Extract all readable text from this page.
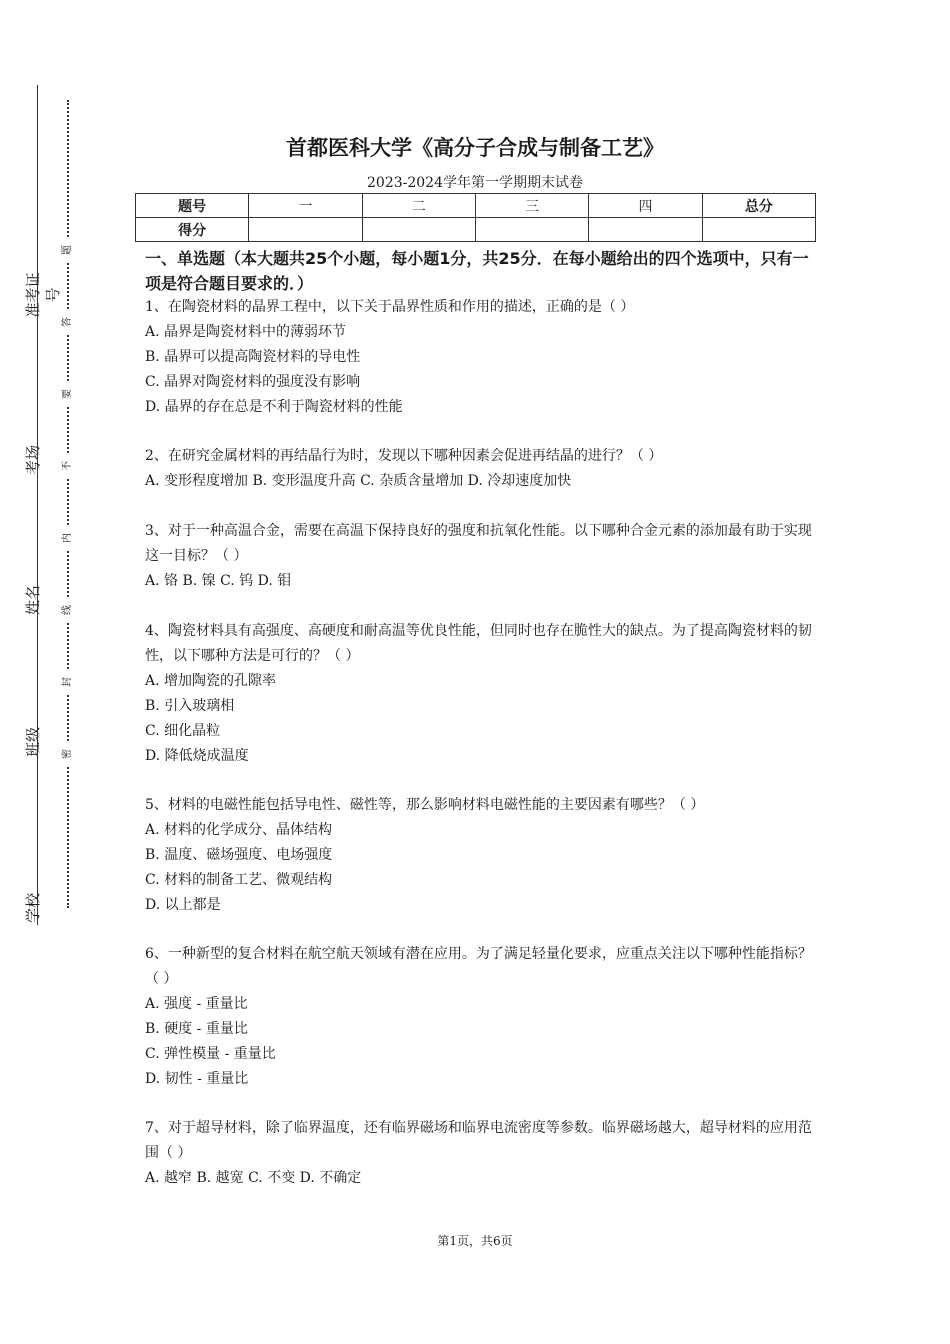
准考证号
考场
姓名
班级
学校
题
答
要
不
内
线
封
密
首都医科大学《高分子合成与制备工艺》
2023-2024学年第一学期期末试卷
题号	一	二	三	四	总分
得分					
一、单选题（本大题共25个小题，每小题1分，共25分．在每小题给出的四个选项中，只有一项是符合题目要求的．）
1、在陶瓷材料的晶界工程中，以下关于晶界性质和作用的描述，正确的是（ ）
A. 晶界是陶瓷材料中的薄弱环节
B. 晶界可以提高陶瓷材料的导电性
C. 晶界对陶瓷材料的强度没有影响
D. 晶界的存在总是不利于陶瓷材料的性能
2、在研究金属材料的再结晶行为时，发现以下哪种因素会促进再结晶的进行？（ ）
A. 变形程度增加 B. 变形温度升高 C. 杂质含量增加 D. 冷却速度加快
3、对于一种高温合金，需要在高温下保持良好的强度和抗氧化性能。以下哪种合金元素的添加最有助于实现这一目标？（ ）
A. 铬 B. 镍 C. 钨 D. 钼
4、陶瓷材料具有高强度、高硬度和耐高温等优良性能，但同时也存在脆性大的缺点。为了提高陶瓷材料的韧性，以下哪种方法是可行的？（ ）
A. 增加陶瓷的孔隙率
B. 引入玻璃相
C. 细化晶粒
D. 降低烧成温度
5、材料的电磁性能包括导电性、磁性等，那么影响材料电磁性能的主要因素有哪些？（ ）
A. 材料的化学成分、晶体结构
B. 温度、磁场强度、电场强度
C. 材料的制备工艺、微观结构
D. 以上都是
6、一种新型的复合材料在航空航天领域有潜在应用。为了满足轻量化要求，应重点关注以下哪种性能指标？（ ）
A. 强度 - 重量比
B. 硬度 - 重量比
C. 弹性模量 - 重量比
D. 韧性 - 重量比
7、对于超导材料，除了临界温度，还有临界磁场和临界电流密度等参数。临界磁场越大，超导材料的应用范围（ ）
A. 越窄 B. 越宽 C. 不变 D. 不确定
第1页，共6页
